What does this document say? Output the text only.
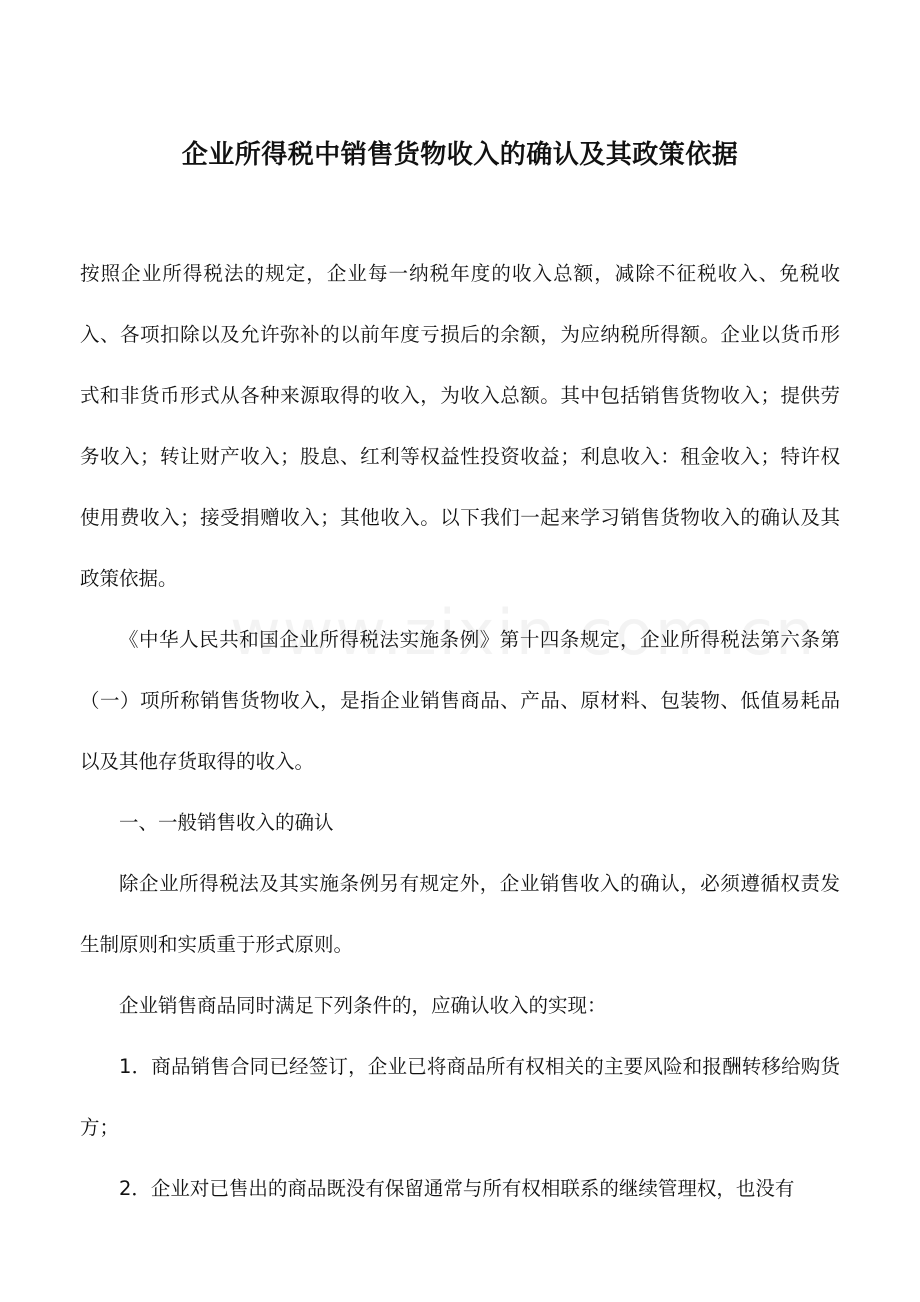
企业所得税中销售货物收入的确认及其政策依据

按照企业所得税法的规定，企业每一纳税年度的收入总额，减除不征税收入、免税收入、各项扣除以及允许弥补的以前年度亏损后的余额，为应纳税所得额。企业以货币形式和非货币形式从各种来源取得的收入，为收入总额。其中包括销售货物收入；提供劳务收入；转让财产收入；股息、红利等权益性投资收益；利息收入：租金收入；特许权使用费收入；接受捐赠收入；其他收入。以下我们一起来学习销售货物收入的确认及其政策依据。

《中华人民共和国企业所得税法实施条例》第十四条规定，企业所得税法第六条第（一）项所称销售货物收入，是指企业销售商品、产品、原材料、包装物、低值易耗品以及其他存货取得的收入。

一、一般销售收入的确认

除企业所得税法及其实施条例另有规定外，企业销售收入的确认，必须遵循权责发生制原则和实质重于形式原则。

企业销售商品同时满足下列条件的，应确认收入的实现：

1．商品销售合同已经签订，企业已将商品所有权相关的主要风险和报酬转移给购货方；

2．企业对已售出的商品既没有保留通常与所有权相联系的继续管理权，也没有
